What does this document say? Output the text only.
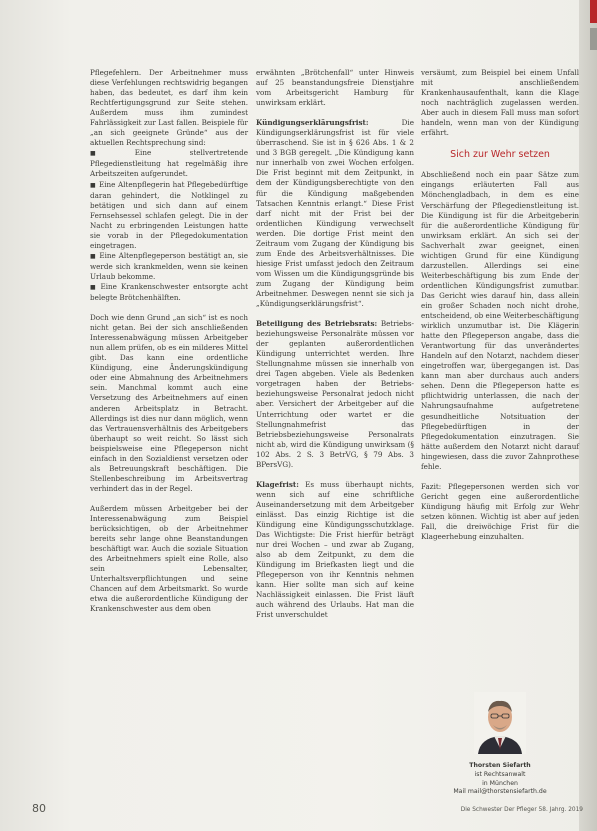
Pflegefehlern. Der Arbeitnehmer muss diese Verfehlungen rechtswidrig begangen haben, das bedeutet, es darf ihm kein Rechtfertigungsgrund zur Seite stehen. Außerdem muss ihm zumindest Fahrlässigkeit zur Last fallen. Beispiele für „an sich geeignete Gründe“ aus der aktuellen Rechtsprechung sind:

■ Eine stellvertretende Pflegedienstleitung hat regelmäßig ihre Arbeitszeiten aufgerundet.

■ Eine Altenpflegerin hat Pflegebedürftige daran gehindert, die Notklingel zu betätigen und sich dann auf einem Fernsehsessel schlafen gelegt. Die in der Nacht zu erbringenden Leistungen hatte sie vorab in der Pflegedokumentation eingetragen.

■ Eine Altenpflegeperson bestätigt an, sie werde sich krankmelden, wenn sie keinen Urlaub bekomme.

■ Eine Krankenschwester entsorgte acht belegte Brötchenhälften.

Doch wie denn Grund „an sich“ ist es noch nicht getan. Bei der sich anschließenden Interessenabwägung müssen Arbeitgeber nun allem prüfen, ob es ein milderes Mittel gibt. Das kann eine ordentliche Kündigung, eine Änderungskündigung oder eine Abmahnung des Arbeitnehmers sein. Manchmal kommt auch eine Versetzung des Arbeitnehmers auf einen anderen Arbeitsplatz in Betracht. Allerdings ist dies nur dann möglich, wenn das Vertrauensverhältnis des Arbeitgebers überhaupt so weit reicht. So lässt sich beispielsweise eine Pflegeperson nicht einfach in den Sozialdienst versetzen oder als Betreuungskraft beschäftigen. Die Stellenbeschreibung im Arbeitsvertrag verhindert das in der Regel.

Außerdem müssen Arbeitgeber bei der Interessenabwägung zum Beispiel berücksichtigen, ob der Arbeitnehmer bereits sehr lange ohne Beanstandungen beschäftigt war. Auch die soziale Situation des Arbeitnehmers spielt eine Rolle, also sein Lebensalter, Unterhaltsverpflichtungen und seine Chancen auf dem Arbeitsmarkt. So wurde etwa die außerordentliche Kündigung der Krankenschwester aus dem oben

erwähnten „Brötchenfall“ unter Hinweis auf 25 beanstandungsfreie Dienstjahre vom Arbeitsgericht Hamburg für unwirksam erklärt.

Kündigungserklärungsfrist:	Die Kündigungserklärungsfrist ist für viele überraschend. Sie ist in § 626 Abs. 1 & 2 und 3 BGB geregelt. „Die Kündigung kann nur innerhalb von zwei Wochen erfolgen. Die Frist beginnt mit dem Zeitpunkt, in dem der Kündigungsberechtigte von den für die Kündigung maßgebenden Tatsachen Kenntnis erlangt.“ Diese Frist darf nicht mit der Frist bei der ordentlichen Kündigung verwechselt werden. Die dortige Frist meint den Zeitraum vom Zugang der Kündigung bis zum Ende des Arbeitsverhältnisses. Die hiesige Frist umfasst jedoch den Zeitraum vom Wissen um die Kündigungsgründe bis zum Zugang der Kündigung beim Arbeitnehmer. Deswegen nennt sie sich ja „Kündigungserklärungsfrist“.

Beteiligung des Betriebsrats: Betriebs- beziehungsweise Personalräte müssen vor der geplanten außerordentlichen Kündigung unterrichtet werden. Ihre Stellungnahme müssen sie innerhalb von drei Tagen abgeben. Viele als Bedenken vorgetragen haben der Betriebs- beziehungsweise Personalrat jedoch nicht aber. Versichert der Arbeitgeber auf die Unterrichtung oder wartet er die Stellungnahmefrist das Betriebsbeziehungsweise Personalrats nicht ab, wird die Kündigung unwirksam (§ 102 Abs. 2 S. 3 BetrVG, § 79 Abs. 3 BPersVG).

Klagefrist: Es muss überhaupt nichts, wenn sich auf eine schriftliche Auseinandersetzung mit dem Arbeitgeber einlässt. Das einzig Richtige ist die Kündigung eine Kündigungsschutzklage. Das Wichtigste: Die Frist hierfür beträgt nur drei Wochen – und zwar ab Zugang, also ab dem Zeitpunkt, zu dem die Kündigung im Briefkasten liegt und die Pflegeperson von ihr Kenntnis nehmen kann. Hier sollte man sich auf keine Nachlässigkeit einlassen. Die Frist läuft auch während des Urlaubs. Hat man die Frist unverschuldet

versäumt, zum Beispiel bei einem Unfall mit anschließendem Krankenhausaufenthalt, kann die Klage noch nachträglich zugelassen werden. Aber auch in diesem Fall muss man sofort handeln, wenn man von der Kündigung erfährt.

Sich zur Wehr setzen

Abschließend noch ein paar Sätze zum eingangs erläuterten Fall aus Mönchengladbach, in dem es eine Verschärfung der Pflegedienstleitung ist. Die Kündigung ist für die Arbeitgeberin für die außerordentliche Kündigung für unwirksam erklärt. An sich sei der Sachverhalt zwar geeignet, einen wichtigen Grund für eine Kündigung darzustellen. Allerdings sei eine Weiterbeschäftigung bis zum Ende der ordentlichen Kündigungsfrist zumutbar. Das Gericht wies darauf hin, dass allein ein großer Schaden noch nicht drohe, entscheidend, ob eine Weiterbeschäftigung wirklich unzumutbar ist. Die Klägerin hatte den Pflegeperson angabe, dass die Verantwortung für das unverändertes Handeln auf den Notarzt, nachdem dieser eingetroffen war, übergegangen ist. Das kann man aber durchaus auch anders sehen. Denn die Pflegeperson hatte es pflichtwidrig unterlassen, die nach der Nahrungsaufnahme aufgetretene gesundheitliche Notsituation der Pflegebedürftigen in der Pflegedokumentation einzutragen. Sie hätte außerdem den Notarzt nicht darauf hingewiesen, dass die zuvor Zahnprothese fehle.

Fazit: Pflegepersonen werden sich vor Gericht gegen eine außerordentliche Kündigung häufig mit Erfolg zur Wehr setzen können. Wichtig ist aber auf jeden Fall, die dreiwöchige Frist für die Klageerhebung einzuhalten.

Thorsten Siefarth
ist Rechtsanwalt
in München
Mail mail@thorstensiefarth.de
80	Die Schwester Der Pfleger 58. Jahrg. 2019
